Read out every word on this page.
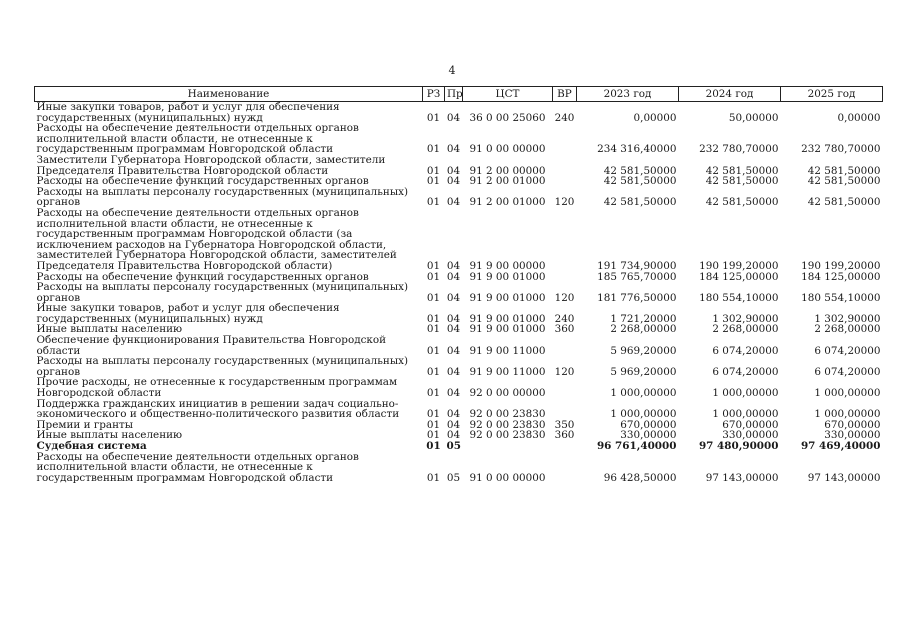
4
Наименование	РЗ	Пр	ЦСТ	ВР	2023 год	2024 год	2025 год
Иные закупки товаров, работ и услуг для обеспечения государственных (муниципальных) нужд	01	04	36 0 00 25060	240	0,00000	50,00000	0,00000
Расходы на обеспечение деятельности отдельных органов исполнительной власти области, не отнесенные к государственным программам Новгородской области	01	04	91 0 00 00000		234 316,40000	232 780,70000	232 780,70000
Заместители Губернатора Новгородской области, заместители Председателя Правительства Новгородской области	01	04	91 2 00 00000		42 581,50000	42 581,50000	42 581,50000
Расходы на обеспечение функций государственных органов	01	04	91 2 00 01000		42 581,50000	42 581,50000	42 581,50000
Расходы на выплаты персоналу государственных (муниципальных) органов	01	04	91 2 00 01000	120	42 581,50000	42 581,50000	42 581,50000
Расходы на обеспечение деятельности отдельных органов исполнительной власти области, не отнесенные к государственным программам Новгородской области (за исключением расходов на Губернатора Новгородской области, заместителей Губернатора Новгородской области, заместителей Председателя Правительства Новгородской области)	01	04	91 9 00 00000		191 734,90000	190 199,20000	190 199,20000
Расходы на обеспечение функций государственных органов	01	04	91 9 00 01000		185 765,70000	184 125,00000	184 125,00000
Расходы на выплаты персоналу государственных (муниципальных) органов	01	04	91 9 00 01000	120	181 776,50000	180 554,10000	180 554,10000
Иные закупки товаров, работ и услуг для обеспечения государственных (муниципальных) нужд	01	04	91 9 00 01000	240	1 721,20000	1 302,90000	1 302,90000
Иные выплаты населению	01	04	91 9 00 01000	360	2 268,00000	2 268,00000	2 268,00000
Обеспечение функционирования Правительства Новгородской области	01	04	91 9 00 11000		5 969,20000	6 074,20000	6 074,20000
Расходы на выплаты персоналу государственных (муниципальных) органов	01	04	91 9 00 11000	120	5 969,20000	6 074,20000	6 074,20000
Прочие расходы, не отнесенные к государственным программам Новгородской области	01	04	92 0 00 00000		1 000,00000	1 000,00000	1 000,00000
Поддержка гражданских инициатив в решении задач социально-экономического и общественно-политического развития области	01	04	92 0 00 23830		1 000,00000	1 000,00000	1 000,00000
Премии и гранты	01	04	92 0 00 23830	350	670,00000	670,00000	670,00000
Иные выплаты населению	01	04	92 0 00 23830	360	330,00000	330,00000	330,00000
Судебная система	01	05			96 761,40000	97 480,90000	97 469,40000
Расходы на обеспечение деятельности отдельных органов исполнительной власти области, не отнесенные к государственным программам Новгородской области	01	05	91 0 00 00000		96 428,50000	97 143,00000	97 143,00000
